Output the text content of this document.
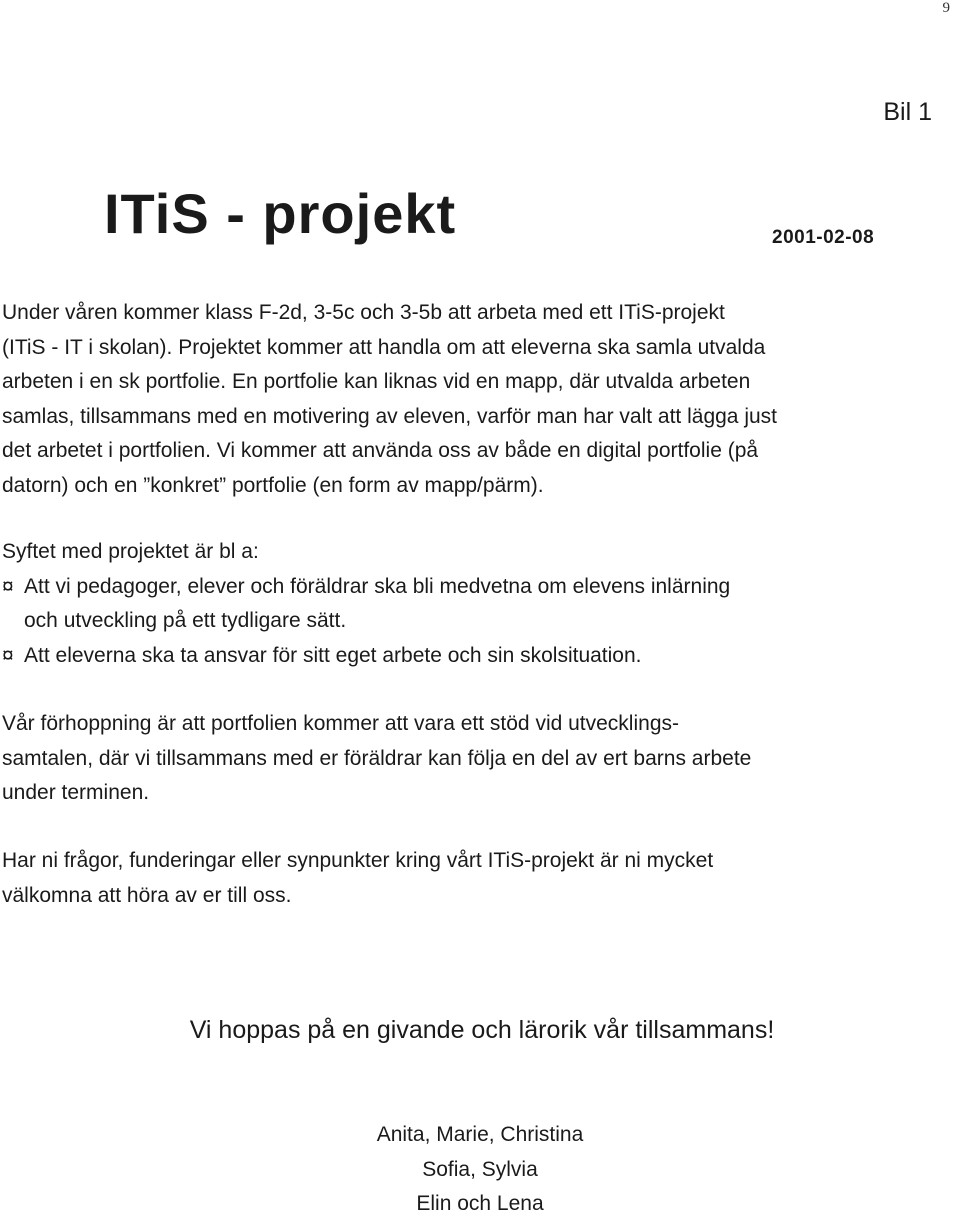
9
Bil 1
ITiS - projekt	2001-02-08
Under våren kommer klass F-2d, 3-5c och 3-5b att arbeta med ett ITiS-projekt
(ITiS - IT i skolan). Projektet kommer att handla om att eleverna ska samla utvalda
arbeten i en sk portfolie. En portfolie kan liknas vid en mapp, där utvalda arbeten
samlas, tillsammans med en motivering av eleven, varför man har valt att lägga just
det arbetet i portfolien. Vi kommer att använda oss av både en digital portfolie (på
datorn) och en ”konkret” portfolie (en form av mapp/pärm).
Syftet med projektet är bl a:
¤ Att vi pedagoger, elever och föräldrar ska bli medvetna om elevens inlärning
och utveckling på ett tydligare sätt.
¤ Att eleverna ska ta ansvar för sitt eget arbete och sin skolsituation.
Vår förhoppning är att portfolien kommer att vara ett stöd vid utvecklings-
samtalen, där vi tillsammans med er föräldrar kan följa en del av ert barns arbete
under terminen.
Har ni frågor, funderingar eller synpunkter kring vårt ITiS-projekt är ni mycket
välkomna att höra av er till oss.
Vi hoppas på en givande och lärorik vår tillsammans!
Anita, Marie, Christina
Sofia, Sylvia
Elin och Lena
